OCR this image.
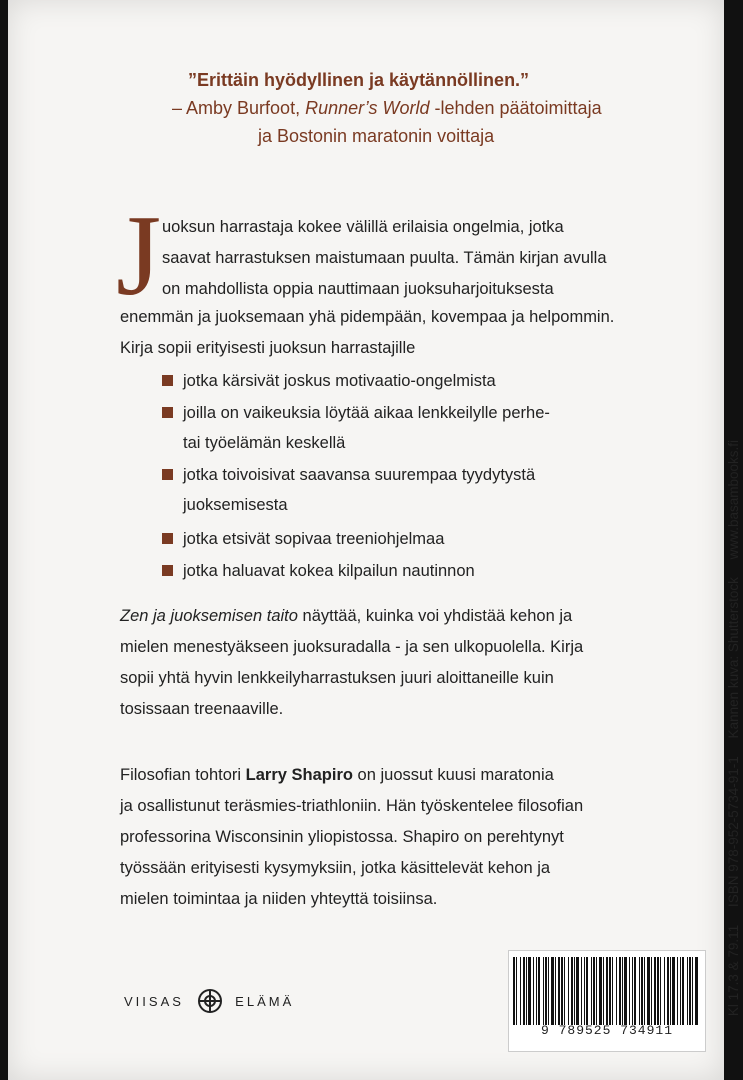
”Erittäin hyödyllinen ja käytännöllinen.”
– Amby Burfoot, Runner’s World -lehden päätoimittaja
ja Bostonin maratonin voittaja
J uoksun harrastaja kokee välillä erilaisia ongelmia, jotka
saavat harrastuksen maistumaan puulta. Tämän kirjan avulla
on mahdollista oppia nauttimaan juoksuharjoituksesta
enemmän ja juoksemaan yhä pidempään, kovempaa ja helpommin.
Kirja sopii erityisesti juoksun harrastajille
jotka kärsivät joskus motivaatio-ongelmista
joilla on vaikeuksia löytää aikaa lenkkeilylle perhe-
tai työelämän keskellä
jotka toivoisivat saavansa suurempaa tyydytystä
juoksemisesta
jotka etsivät sopivaa treeniohjelmaa
jotka haluavat kokea kilpailun nautinnon
Zen ja juoksemisen taito näyttää, kuinka voi yhdistää kehon ja
mielen menestyäkseen juoksuradalla - ja sen ulkopuolella. Kirja
sopii yhtä hyvin lenkkeilyharrastuksen juuri aloittaneille kuin
tosissaan treenaaville.
Filosofian tohtori Larry Shapiro on juossut kuusi maratonia
ja osallistunut teräsmies-triathloniin. Hän työskentelee filosofian
professorina Wisconsinin yliopistossa. Shapiro on perehtynyt
työssään erityisesti kysymyksiin, jotka käsittelevät kehon ja
mielen toimintaa ja niiden yhteyttä toisiinsa.
VIISAS	ELÄMÄ
9 789525 734911
Kl 17.3 & 79.11 ISBN 978-952-5734-91-1 Kannen kuva: Shutterstock www.basambooks.fi
